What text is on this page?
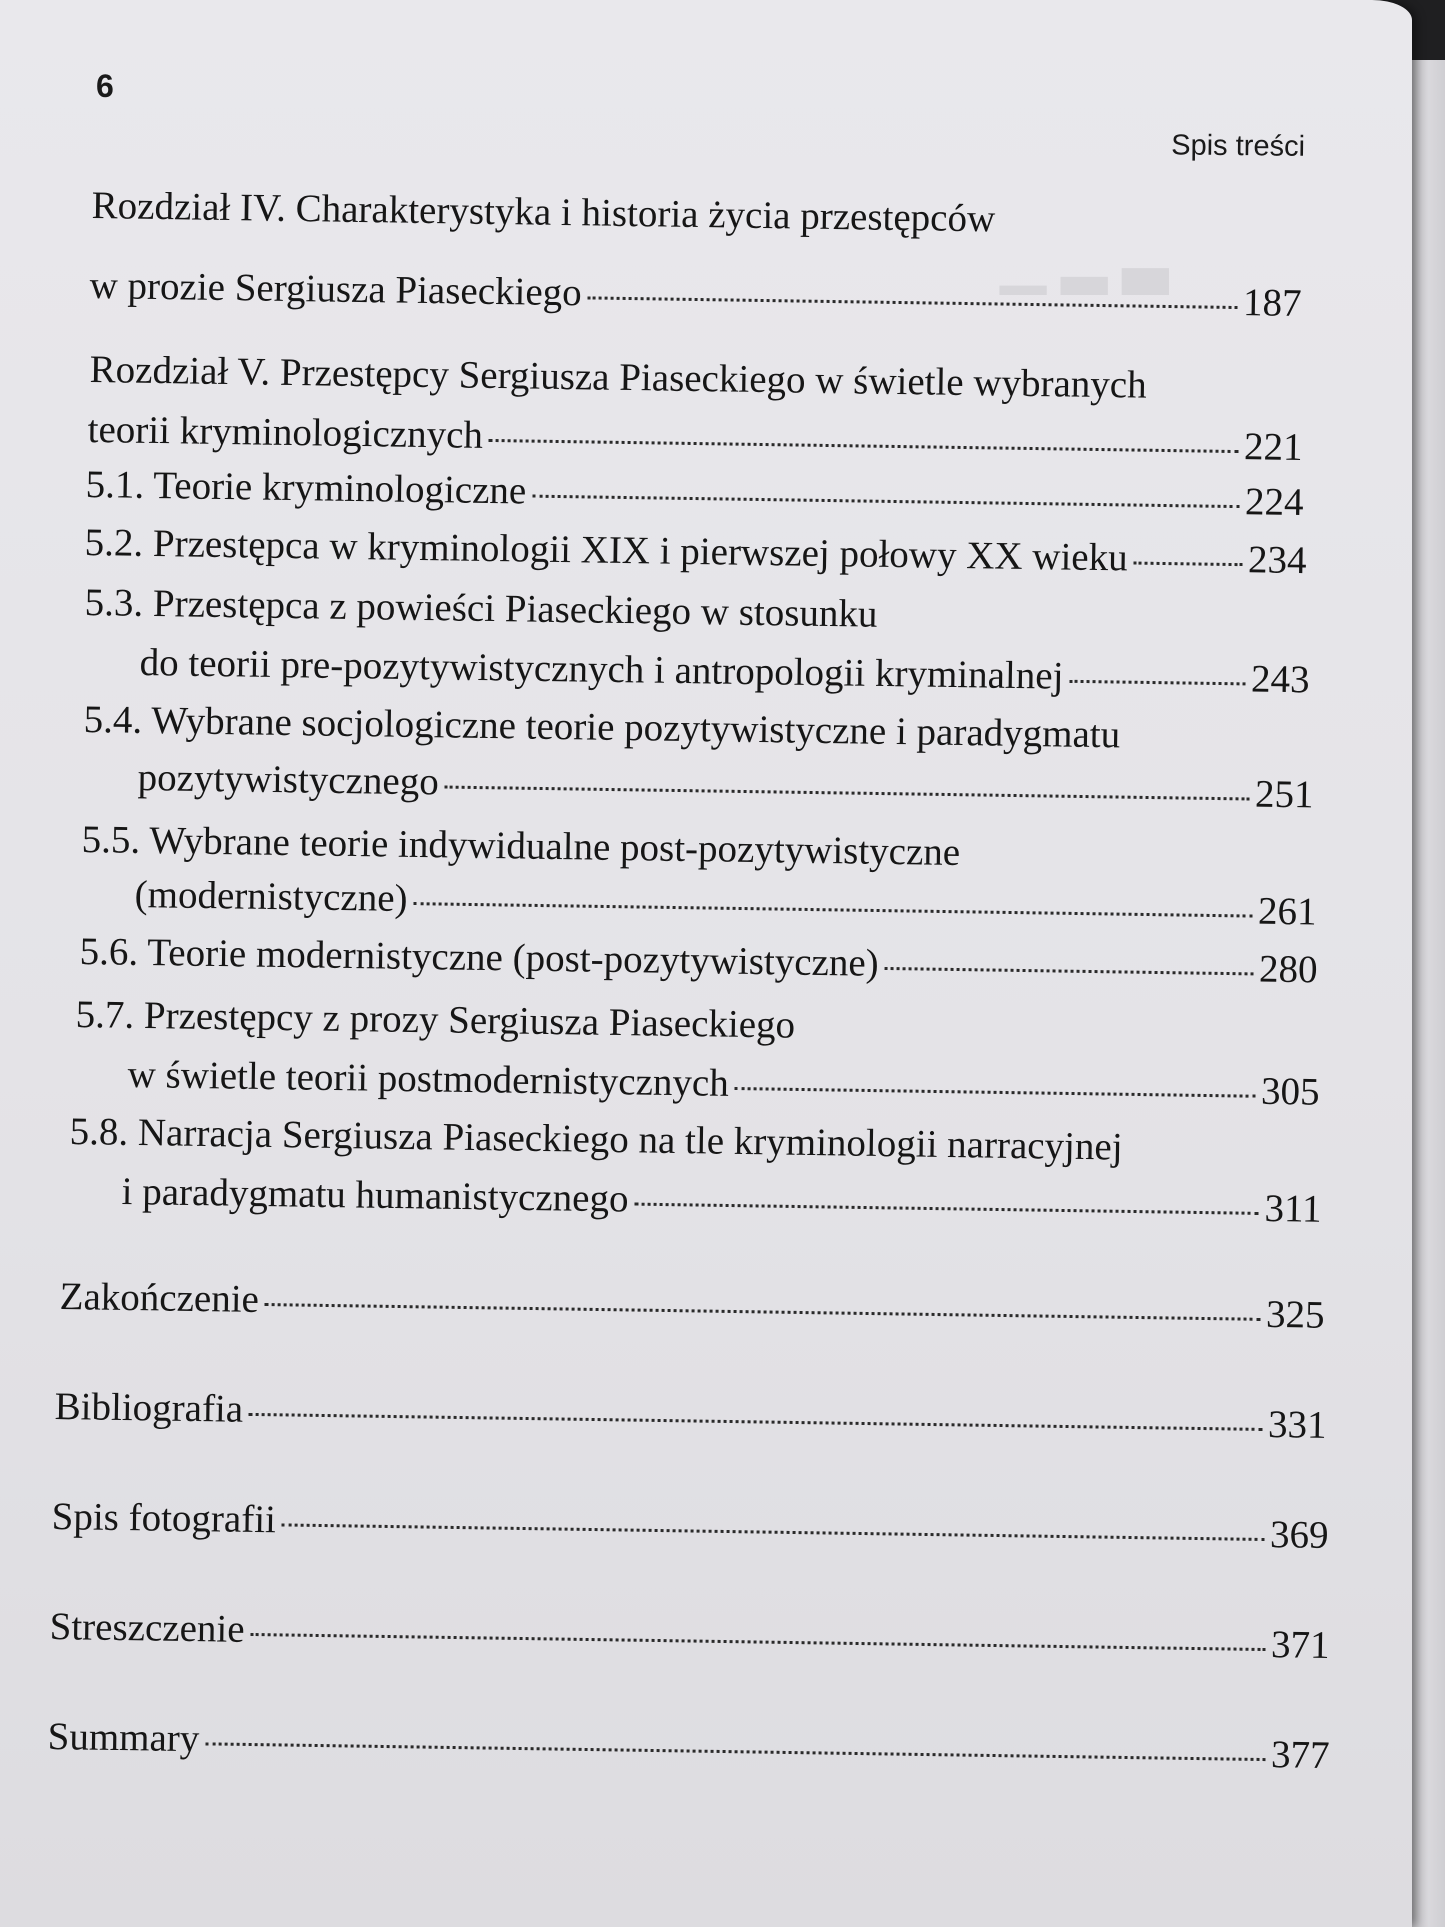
▁ ▂ ▃
6
Spis treści
Rozdział IV. Charakterystyka i historia życia przestępców
w prozie Sergiusza Piaseckiego	187
Rozdział V. Przestępcy Sergiusza Piaseckiego w świetle wybranych
teorii kryminologicznych	221
5.1. Teorie kryminologiczne	224
5.2. Przestępca w kryminologii XIX i pierwszej połowy XX wieku	234
5.3. Przestępca z powieści Piaseckiego w stosunku
do teorii pre-pozytywistycznych i antropologii kryminalnej	243
5.4. Wybrane socjologiczne teorie pozytywistyczne i paradygmatu
pozytywistycznego	251
5.5. Wybrane teorie indywidualne post-pozytywistyczne
(modernistyczne)	261
5.6. Teorie modernistyczne (post-pozytywistyczne)	280
5.7. Przestępcy z prozy Sergiusza Piaseckiego
w świetle teorii postmodernistycznych	305
5.8. Narracja Sergiusza Piaseckiego na tle kryminologii narracyjnej
i paradygmatu humanistycznego	311
Zakończenie	325
Bibliografia	331
Spis fotografii	369
Streszczenie	371
Summary	377
